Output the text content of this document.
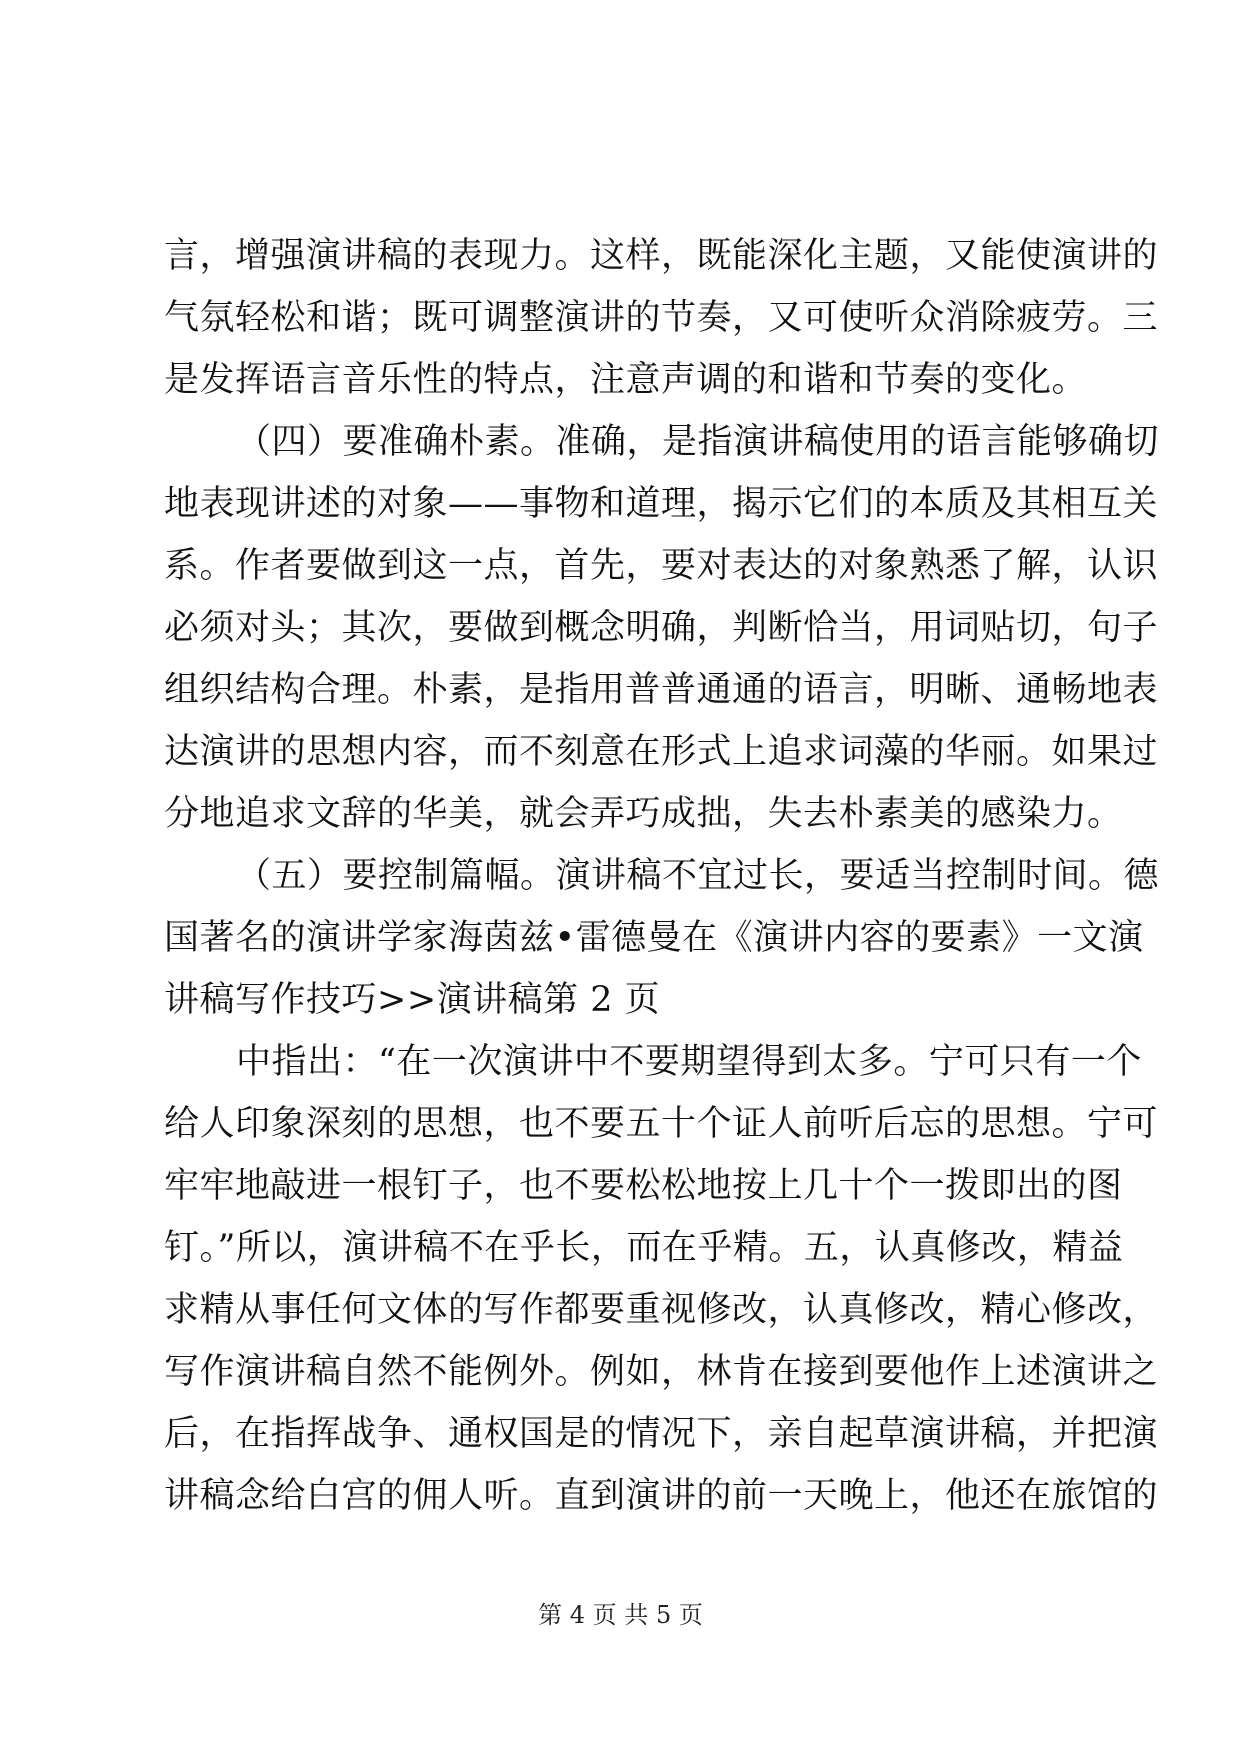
言，增强演讲稿的表现力。这样，既能深化主题，又能使演讲的
气氛轻松和谐；既可调整演讲的节奏，又可使听众消除疲劳。三
是发挥语言音乐性的特点，注意声调的和谐和节奏的变化。
（四）要准确朴素。准确，是指演讲稿使用的语言能够确切
地表现讲述的对象——事物和道理，揭示它们的本质及其相互关
系。作者要做到这一点，首先，要对表达的对象熟悉了解，认识
必须对头；其次，要做到概念明确，判断恰当，用词贴切，句子
组织结构合理。朴素，是指用普普通通的语言，明晰、通畅地表
达演讲的思想内容，而不刻意在形式上追求词藻的华丽。如果过
分地追求文辞的华美，就会弄巧成拙，失去朴素美的感染力。
（五）要控制篇幅。演讲稿不宜过长，要适当控制时间。德
国著名的演讲学家海茵兹•雷德曼在《演讲内容的要素》一文演
讲稿写作技巧>>演讲稿第 2 页
中指出：“在一次演讲中不要期望得到太多。宁可只有一个
给人印象深刻的思想，也不要五十个证人前听后忘的思想。宁可
牢牢地敲进一根钉子，也不要松松地按上几十个一拨即出的图
钉。”所以，演讲稿不在乎长，而在乎精。五，认真修改，精益
求精从事任何文体的写作都要重视修改，认真修改，精心修改，
写作演讲稿自然不能例外。例如，林肯在接到要他作上述演讲之
后，在指挥战争、通权国是的情况下，亲自起草演讲稿，并把演
讲稿念给白宫的佣人听。直到演讲的前一天晚上，他还在旅馆的
第 4 页 共 5 页
